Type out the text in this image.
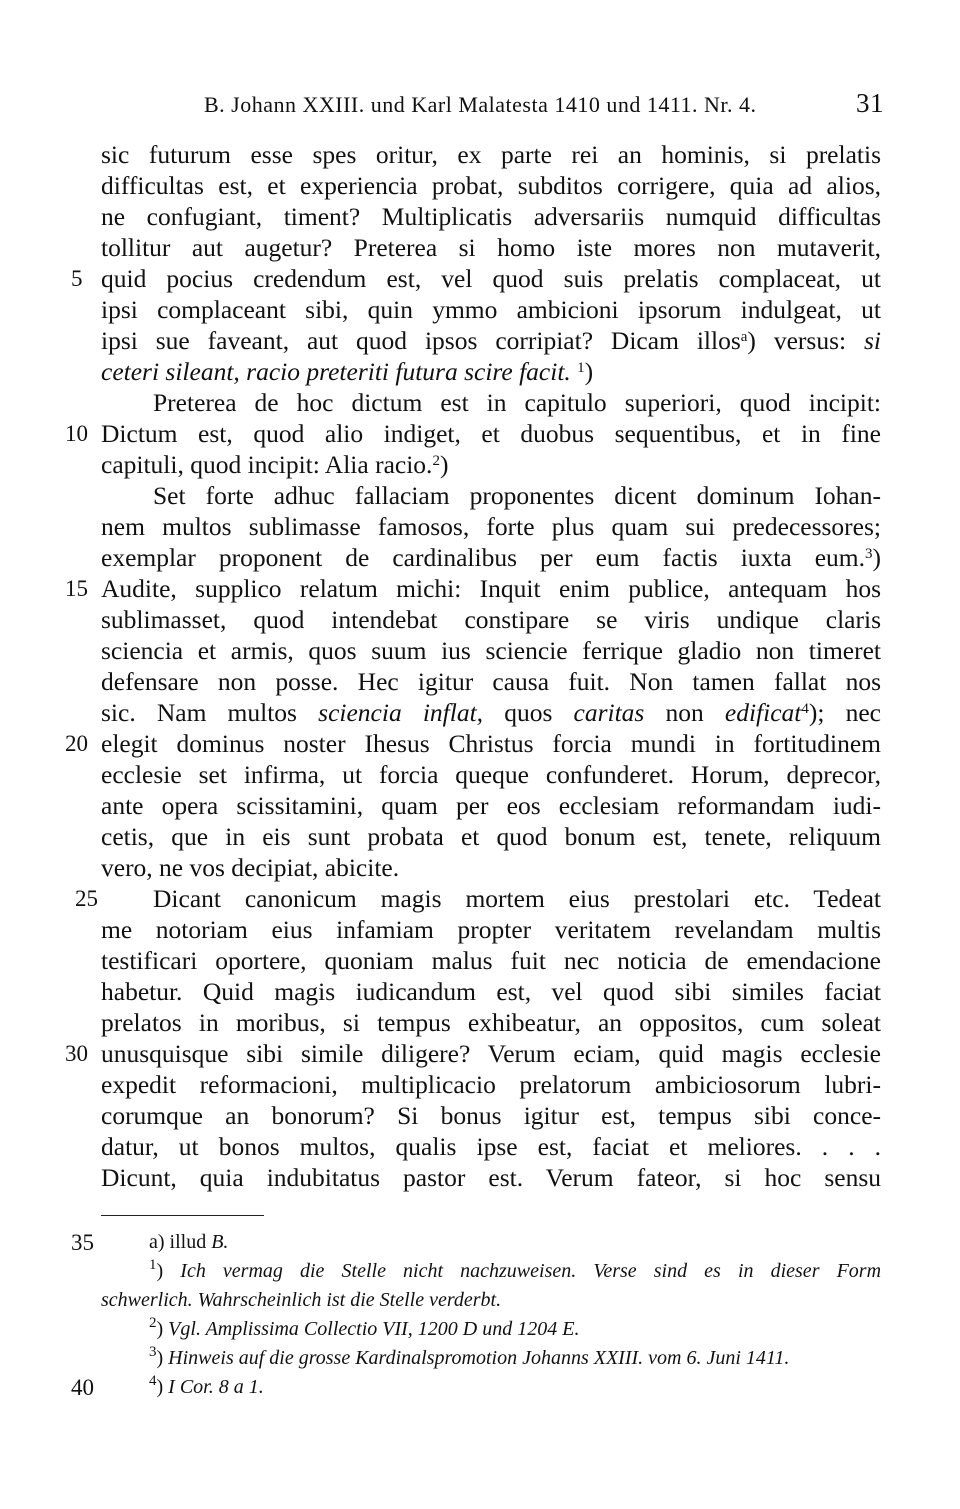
B. Johann XXIII. und Karl Malatesta 1410 und 1411. Nr. 4.	31
sic futurum esse spes oritur, ex parte rei an hominis, si prelatis
difficultas est, et experiencia probat, subditos corrigere, quia ad alios,
ne confugiant, timent? Multiplicatis adversariis numquid difficultas
tollitur aut augetur? Preterea si homo iste mores non mutaverit,
5 quid pocius credendum est, vel quod suis prelatis complaceat, ut
ipsi complaceant sibi, quin ymmo ambicioni ipsorum indulgeat, ut
ipsi sue faveant, aut quod ipsos corripiat? Dicam illos$^a$) versus: si
ceteri sileant, racio preteriti futura scire facit. $^1$)
Preterea de hoc dictum est in capitulo superiori, quod incipit:
10 Dictum est, quod alio indiget, et duobus sequentibus, et in fine
capituli, quod incipit: Alia racio.$^2$)
Set forte adhuc fallaciam proponentes dicent dominum Iohan-
nem multos sublimasse famosos, forte plus quam sui predecessores;
exemplar proponent de cardinalibus per eum factis iuxta eum.$^3$)
15 Audite, supplico relatum michi: Inquit enim publice, antequam hos
sublimasset, quod intendebat constipare se viris undique claris
sciencia et armis, quos suum ius sciencie ferrique gladio non timeret
defensare non posse. Hec igitur causa fuit. Non tamen fallat nos
sic. Nam multos sciencia inflat, quos caritas non edificat$^4$); nec
20 elegit dominus noster Ihesus Christus forcia mundi in fortitudinem
ecclesie set infirma, ut forcia queque confunderet. Horum, deprecor,
ante opera scissitamini, quam per eos ecclesiam reformandam iudi-
cetis, que in eis sunt probata et quod bonum est, tenete, reliquum
vero, ne vos decipiat, abicite.
25 Dicant canonicum magis mortem eius prestolari etc. Tedeat
me notoriam eius infamiam propter veritatem revelandam multis
testificari oportere, quoniam malus fuit nec noticia de emendacione
habetur. Quid magis iudicandum est, vel quod sibi similes faciat
prelatos in moribus, si tempus exhibeatur, an oppositos, cum soleat
30 unusquisque sibi simile diligere? Verum eciam, quid magis ecclesie
expedit reformacioni, multiplicacio prelatorum ambiciosorum lubri-
corumque an bonorum? Si bonus igitur est, tempus sibi conce-
datur, ut bonos multos, qualis ipse est, faciat et meliores. . . .
Dicunt, quia indubitatus pastor est. Verum fateor, si hoc sensu
35	a) illud B.
$^1$) Ich vermag die Stelle nicht nachzuweisen. Verse sind es in dieser Form
schwerlich. Wahrscheinlich ist die Stelle verderbt.
$^2$) Vgl. Amplissima Collectio VII, 1200 D und 1204 E.
$^3$) Hinweis auf die grosse Kardinalspromotion Johanns XXIII. vom 6. Juni 1411.
40	$^4$) I Cor. 8 a 1.
